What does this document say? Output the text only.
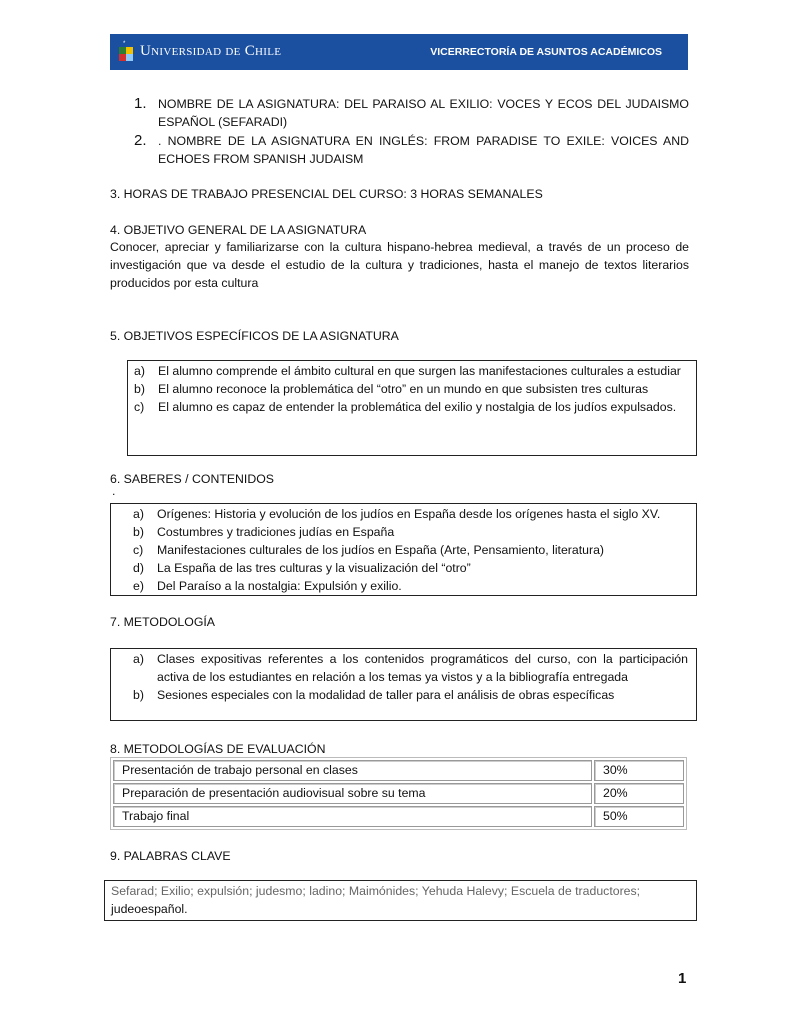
* Universidad de Chile	VICERRECTORÍA DE ASUNTOS ACADÉMICOS
1. NOMBRE DE LA ASIGNATURA: DEL PARAISO AL EXILIO: VOCES Y ECOS DEL JUDAISMO ESPAÑOL (SEFARADI)
2. . NOMBRE DE LA ASIGNATURA EN INGLÉS: FROM PARADISE TO EXILE: VOICES AND ECHOES FROM SPANISH JUDAISM
3. HORAS DE TRABAJO PRESENCIAL DEL CURSO: 3 HORAS SEMANALES
4. OBJETIVO GENERAL DE LA ASIGNATURA
Conocer, apreciar y familiarizarse con la cultura hispano-hebrea medieval, a través de un proceso de investigación que va desde el estudio de la cultura y tradiciones, hasta el manejo de textos literarios producidos por esta cultura
5. OBJETIVOS ESPECÍFICOS DE LA ASIGNATURA
a)	El alumno comprende el ámbito cultural en que surgen las manifestaciones culturales a estudiar
b)	El alumno reconoce la problemática del “otro” en un mundo en que subsisten tres culturas
c)	El alumno es capaz de entender la problemática del exilio y nostalgia de los judíos expulsados.
6. SABERES / CONTENIDOS
.
a)	Orígenes: Historia y evolución de los judíos en España desde los orígenes hasta el siglo XV.
b)	Costumbres y tradiciones judías en España
c)	Manifestaciones culturales de los judíos en España (Arte, Pensamiento, literatura)
d)	La España de las tres culturas y la visualización del “otro”
e)	Del Paraíso a la nostalgia: Expulsión y exilio.
7. METODOLOGÍA
a)	Clases expositivas referentes a los contenidos programáticos del curso, con la participación activa de los estudiantes en relación a los temas ya vistos y a la bibliografía entregada
b)	Sesiones especiales con la modalidad de taller para el análisis de obras específicas
8. METODOLOGÍAS DE EVALUACIÓN
Presentación de trabajo personal en clases	30%
Preparación de presentación audiovisual sobre su tema	20%
Trabajo final	50%
9. PALABRAS CLAVE
Sefarad; Exilio; expulsión; judesmo; ladino; Maimónides; Yehuda Halevy; Escuela de traductores;
judeoespañol.
1
